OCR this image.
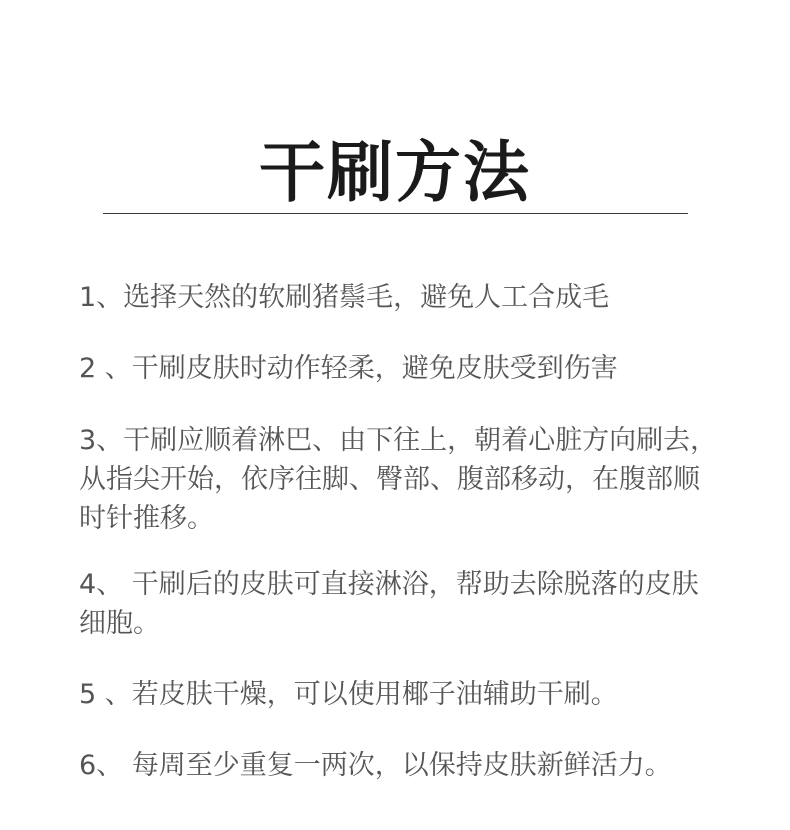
干刷方法

1、选择天然的软刷猪鬃毛，避免人工合成毛

2 、干刷皮肤时动作轻柔，避免皮肤受到伤害

3、干刷应顺着淋巴、由下往上，朝着心脏方向刷去，从指尖开始，依序往脚、臀部、腹部移动，在腹部顺时针推移。

4、 干刷后的皮肤可直接淋浴，帮助去除脱落的皮肤细胞。

5 、若皮肤干燥，可以使用椰子油辅助干刷。

6、 每周至少重复一两次，以保持皮肤新鲜活力。
